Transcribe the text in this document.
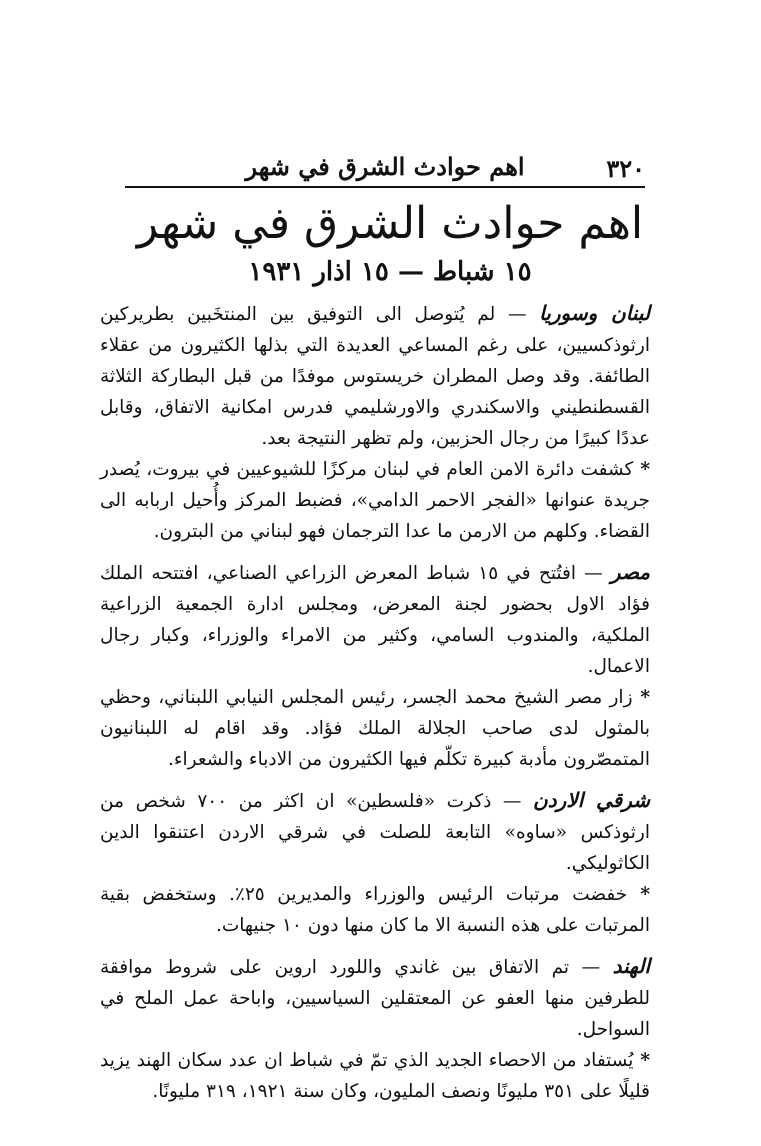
٣٢٠
اهم حوادث الشرق في شهر
اهم حوادث الشرق في شهر
١٥ شباط — ١٥ اذار ١٩٣١

لبنان وسوريا — لم يُتوصل الى التوفيق بين المنتخَبين بطريركين ارثوذكسيين، على رغم المساعي العديدة التي بذلها الكثيرون من عقلاء الطائفة. وقد وصل المطران خريستوس موفدًا من قبل البطاركة الثلاثة القسطنطيني والاسكندري والاورشليمي فدرس امكانية الاتفاق، وقابل عددًا كبيرًا من رجال الحزبين، ولم تظهر النتيجة بعد.

* كشفت دائرة الامن العام في لبنان مركزًا للشيوعيين في بيروت، يُصدر جريدة عنوانها «الفجر الاحمر الدامي»، فضبط المركز وأُحيل اربابه الى القضاء. وكلهم من الارمن ما عدا الترجمان فهو لبناني من البترون.

مصر — افتُتح في ١٥ شباط المعرض الزراعي الصناعي، افتتحه الملك فؤاد الاول بحضور لجنة المعرض، ومجلس ادارة الجمعية الزراعية الملكية، والمندوب السامي، وكثير من الامراء والوزراء، وكبار رجال الاعمال.

* زار مصر الشيخ محمد الجسر، رئيس المجلس النيابي اللبناني، وحظي بالمثول لدى صاحب الجلالة الملك فؤاد. وقد اقام له اللبنانيون المتمصّرون مأدبة كبيرة تكلّم فيها الكثيرون من الادباء والشعراء.

شرقي الاردن — ذكرت «فلسطين» ان اكثر من ٧٠٠ شخص من ارثوذكس «ساوه» التابعة للصلت في شرقي الاردن اعتنقوا الدين الكاثوليكي.

* خفضت مرتبات الرئيس والوزراء والمديرين ٢٥٪. وستخفض بقية المرتبات على هذه النسبة الا ما كان منها دون ١٠ جنيهات.

الهند — تم الاتفاق بين غاندي واللورد اروين على شروط موافقة للطرفين منها العفو عن المعتقلين السياسيين، واباحة عمل الملح في السواحل.

* يُستفاد من الاحصاء الجديد الذي تمّ في شباط ان عدد سكان الهند يزيد قليلًا على ٣٥١ مليونًا ونصف المليون، وكان سنة ١٩٢١، ٣١٩ مليونًا.
